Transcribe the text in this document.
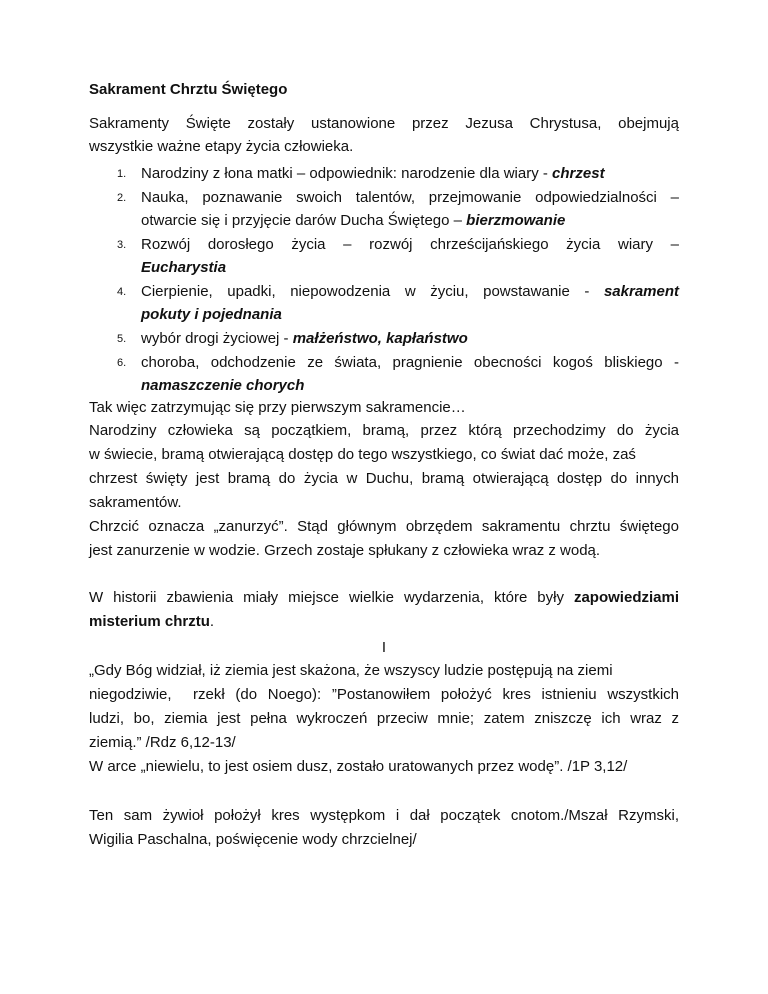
Sakrament Chrztu Świętego

Sakramenty Święte zostały ustanowione przez Jezusa Chrystusa, obejmują

wszystkie ważne etapy życia człowieka.

1. Narodziny z łona matki – odpowiednik: narodzenie dla wiary - chrzest
2. Nauka, poznawanie swoich talentów, przejmowanie odpowiedzialności –
otwarcie się i przyjęcie darów Ducha Świętego – bierzmowanie
3. Rozwój dorosłego życia – rozwój chrześcijańskiego życia wiary –
Eucharystia
4. Cierpienie, upadki, niepowodzenia w życiu, powstawanie - sakrament
pokuty i pojednania
5. wybór drogi życiowej - małżeństwo, kapłaństwo
6. choroba, odchodzenie ze świata, pragnienie obecności kogoś bliskiego -
namaszczenie chorych

Tak więc zatrzymując się przy pierwszym sakramencie…

Narodziny człowieka są początkiem, bramą, przez którą przechodzimy do życia

w świecie, bramą otwierającą dostęp do tego wszystkiego, co świat dać może, zaś

chrzest święty jest bramą do życia w Duchu, bramą otwierającą dostęp do innych

sakramentów.

Chrzcić oznacza „zanurzyć”. Stąd głównym obrzędem sakramentu chrztu świętego

jest zanurzenie w wodzie. Grzech zostaje spłukany z człowieka wraz z wodą.

W historii zbawienia miały miejsce wielkie wydarzenia, które były zapowiedziami

misterium chrztu.

I

„Gdy Bóg widział, iż ziemia jest skażona, że wszyscy ludzie postępują na ziemi

niegodziwie,  rzekł (do Noego): ”Postanowiłem położyć kres istnieniu wszystkich

ludzi, bo, ziemia jest pełna wykroczeń przeciw mnie; zatem zniszczę ich wraz z

ziemią.” /Rdz 6,12-13/

W arce „niewielu, to jest osiem dusz, zostało uratowanych przez wodę”. /1P 3,12/

Ten sam żywioł położył kres występkom i dał początek cnotom./Mszał Rzymski,

Wigilia Paschalna, poświęcenie wody chrzcielnej/
